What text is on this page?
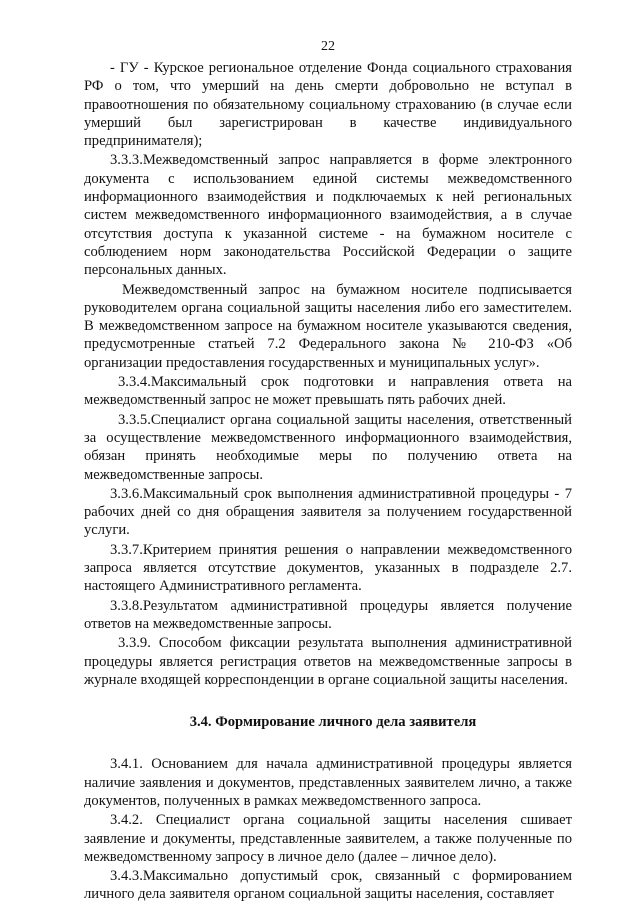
22

- ГУ - Курское региональное отделение Фонда социального страхования РФ о том, что умерший на день смерти добровольно не вступал в правоотношения по обязательному социальному страхованию (в случае если умерший был зарегистрирован в качестве индивидуального предпринимателя);

3.3.3.Межведомственный запрос направляется в форме электронного документа с использованием единой системы межведомственного информационного взаимодействия и подключаемых к ней региональных систем межведомственного информационного взаимодействия, а в случае отсутствия доступа к указанной системе - на бумажном носителе с соблюдением норм законодательства Российской Федерации о защите персональных данных.

Межведомственный запрос на бумажном носителе подписывается руководителем органа социальной защиты населения либо его заместителем. В межведомственном запросе на бумажном носителе указываются сведения, предусмотренные статьей 7.2 Федерального закона № 210-ФЗ «Об организации предоставления государственных и муниципальных услуг».

3.3.4.Максимальный срок подготовки и направления ответа на межведомственный запрос не может превышать пять рабочих дней.

3.3.5.Специалист органа социальной защиты населения, ответственный за осуществление межведомственного информационного взаимодействия, обязан принять необходимые меры по получению ответа на межведомственные запросы.

3.3.6.Максимальный срок выполнения административной процедуры - 7 рабочих дней со дня обращения заявителя за получением государственной услуги.

3.3.7.Критерием принятия решения о направлении межведомственного запроса является отсутствие документов, указанных в подразделе 2.7. настоящего Административного регламента.

3.3.8.Результатом административной процедуры является получение ответов на межведомственные запросы.

3.3.9. Способом фиксации результата выполнения административной процедуры является регистрация ответов на межведомственные запросы в журнале входящей корреспонденции в органе социальной защиты населения.

3.4. Формирование личного дела заявителя

3.4.1. Основанием для начала административной процедуры является наличие заявления и документов, представленных заявителем лично, а также документов, полученных в рамках межведомственного запроса.

3.4.2. Специалист органа социальной защиты населения сшивает заявление и документы, представленные заявителем, а также полученные по межведомственному запросу в личное дело (далее – личное дело).

3.4.3.Максимально допустимый срок, связанный с формированием личного дела заявителя органом социальной защиты населения, составляет
